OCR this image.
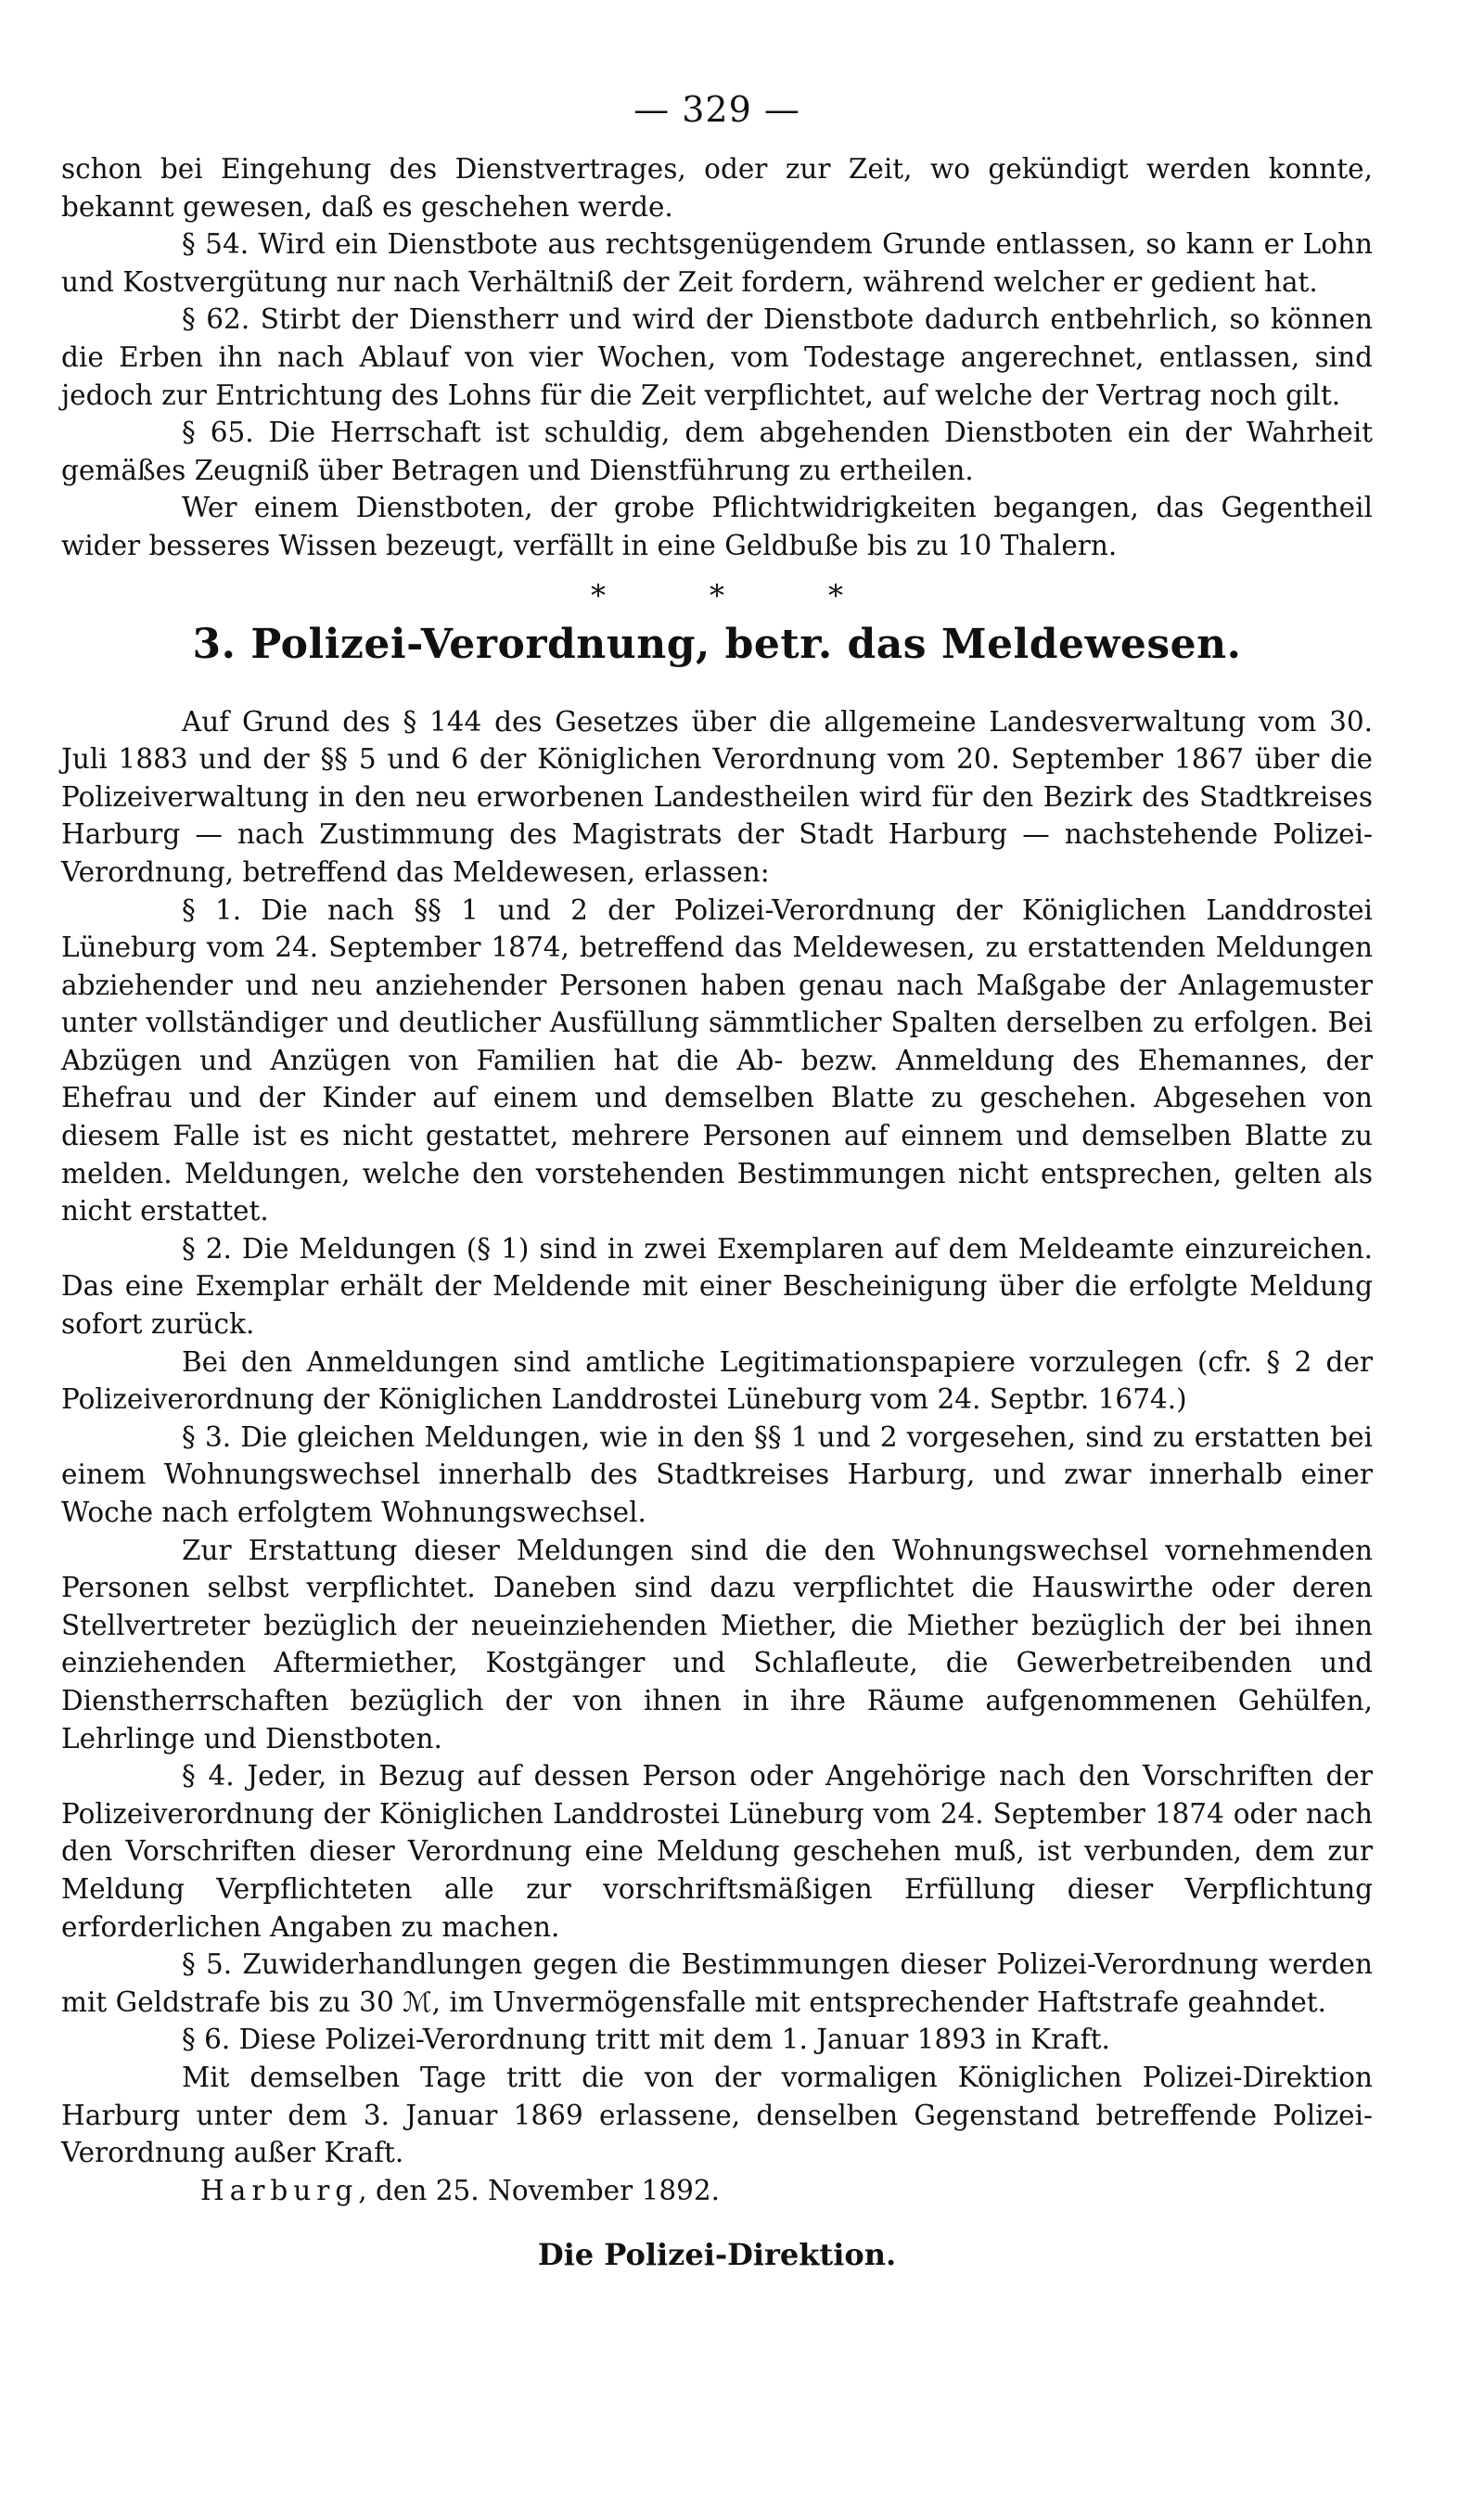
— 329 —

schon bei Eingehung des Dienstvertrages, oder zur Zeit, wo gekündigt werden konnte, bekannt gewesen, daß es geschehen werde.

§ 54. Wird ein Dienstbote aus rechtsgenügendem Grunde entlassen, so kann er Lohn und Kostvergütung nur nach Verhältniß der Zeit fordern, während welcher er gedient hat.

§ 62. Stirbt der Dienstherr und wird der Dienstbote dadurch entbehrlich, so können die Erben ihn nach Ablauf von vier Wochen, vom Todestage angerechnet, entlassen, sind jedoch zur Entrichtung des Lohns für die Zeit verpflichtet, auf welche der Vertrag noch gilt.

§ 65. Die Herrschaft ist schuldig, dem abgehenden Dienstboten ein der Wahrheit gemäßes Zeugniß über Betragen und Dienstführung zu ertheilen.

Wer einem Dienstboten, der grobe Pflichtwidrigkeiten begangen, das Gegentheil wider besseres Wissen bezeugt, verfällt in eine Geldbuße bis zu 10 Thalern.

*	*	*
3. Polizei-Verordnung, betr. das Meldewesen.

Auf Grund des § 144 des Gesetzes über die allgemeine Landesverwaltung vom 30. Juli 1883 und der §§ 5 und 6 der Königlichen Verordnung vom 20. September 1867 über die Polizeiverwaltung in den neu erworbenen Landestheilen wird für den Bezirk des Stadtkreises Harburg — nach Zustimmung des Magistrats der Stadt Harburg — nachstehende Polizei-Verordnung, betreffend das Meldewesen, erlassen:

§ 1. Die nach §§ 1 und 2 der Polizei-Verordnung der Königlichen Landdrostei Lüneburg vom 24. September 1874, betreffend das Meldewesen, zu erstattenden Meldungen abziehender und neu anziehender Personen haben genau nach Maßgabe der Anlagemuster unter vollständiger und deutlicher Ausfüllung sämmtlicher Spalten derselben zu erfolgen. Bei Abzügen und Anzügen von Familien hat die Ab- bezw. Anmeldung des Ehemannes, der Ehefrau und der Kinder auf einem und demselben Blatte zu geschehen. Abgesehen von diesem Falle ist es nicht gestattet, mehrere Personen auf einnem und demselben Blatte zu melden. Meldungen, welche den vorstehenden Bestimmungen nicht entsprechen, gelten als nicht erstattet.

§ 2. Die Meldungen (§ 1) sind in zwei Exemplaren auf dem Meldeamte einzureichen. Das eine Exemplar erhält der Meldende mit einer Bescheinigung über die erfolgte Meldung sofort zurück.

Bei den Anmeldungen sind amtliche Legitimationspapiere vorzulegen (cfr. § 2 der Polizeiverordnung der Königlichen Landdrostei Lüneburg vom 24. Septbr. 1674.)

§ 3. Die gleichen Meldungen, wie in den §§ 1 und 2 vorgesehen, sind zu erstatten bei einem Wohnungswechsel innerhalb des Stadtkreises Harburg, und zwar innerhalb einer Woche nach erfolgtem Wohnungswechsel.

Zur Erstattung dieser Meldungen sind die den Wohnungswechsel vornehmenden Personen selbst verpflichtet. Daneben sind dazu verpflichtet die Hauswirthe oder deren Stellvertreter bezüglich der neueinziehenden Miether, die Miether bezüglich der bei ihnen einziehenden Aftermiether, Kostgänger und Schlafleute, die Gewerbetreibenden und Dienstherrschaften bezüglich der von ihnen in ihre Räume aufgenommenen Gehülfen, Lehrlinge und Dienstboten.

§ 4. Jeder, in Bezug auf dessen Person oder Angehörige nach den Vorschriften der Polizeiverordnung der Königlichen Landdrostei Lüneburg vom 24. September 1874 oder nach den Vorschriften dieser Verordnung eine Meldung geschehen muß, ist verbunden, dem zur Meldung Verpflichteten alle zur vorschriftsmäßigen Erfüllung dieser Verpflichtung erforderlichen Angaben zu machen.

§ 5. Zuwiderhandlungen gegen die Bestimmungen dieser Polizei-Verordnung werden mit Geldstrafe bis zu 30 ℳ, im Unvermögensfalle mit entsprechender Haftstrafe geahndet.

§ 6. Diese Polizei-Verordnung tritt mit dem 1. Januar 1893 in Kraft.

Mit demselben Tage tritt die von der vormaligen Königlichen Polizei-Direktion Harburg unter dem 3. Januar 1869 erlassene, denselben Gegenstand betreffende Polizei-Verordnung außer Kraft.

Harburg, den 25. November 1892.

Die Polizei-Direktion.
